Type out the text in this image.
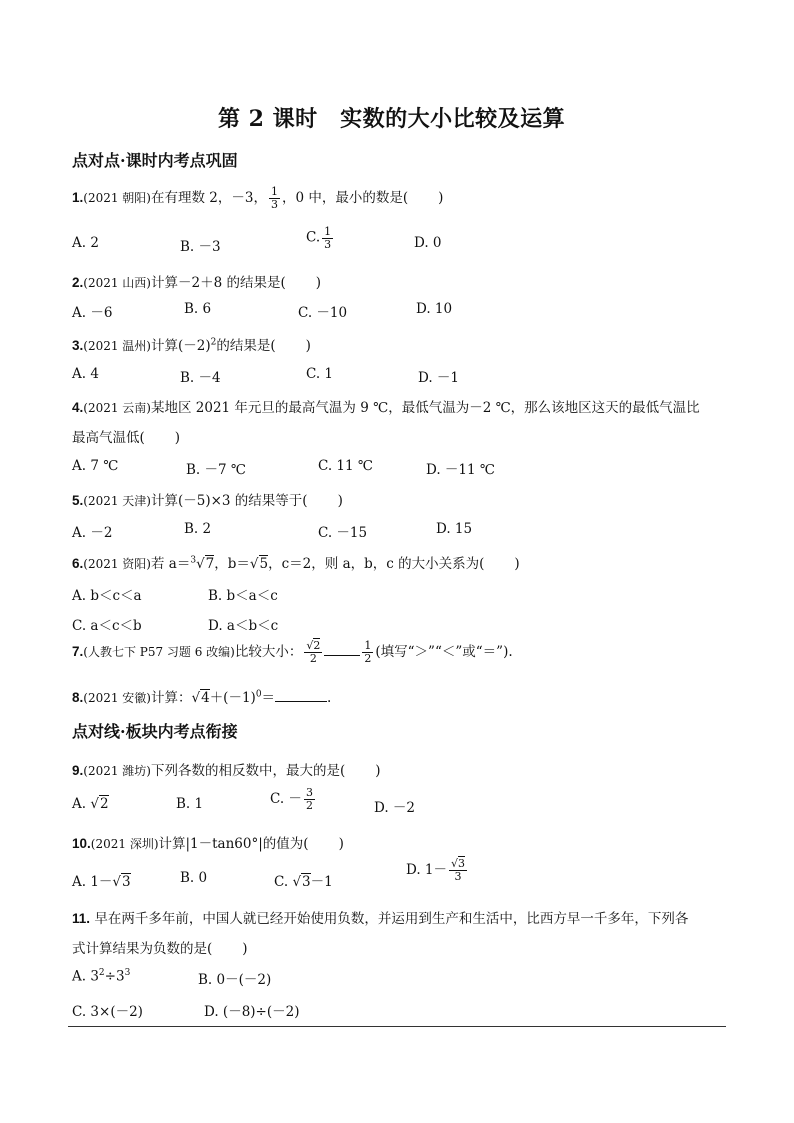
第 2 课时　实数的大小比较及运算
点对点·课时内考点巩固
1.(2021 朝阳)在有理数 2，－3， $\frac{1}{3}$ ，0 中，最小的数是( )
A. 2	B. －3
C. $\frac{1}{3}$	D. 0
2.(2021 山西)计算－2＋8 的结果是( )
A. －6	B. 6	C. －10	D. 10
3.(2021 温州)计算$(-2)^2$的结果是( )
A. 4	B. －4	C. 1	D. －1
4.(2021 云南)某地区 2021 年元旦的最高气温为 9 ℃，最低气温为－2 ℃，那么该地区这天的最低气温比
最高气温低( )
A. 7 ℃	B. －7 ℃	C. 11 ℃	D. －11 ℃
5.(2021 天津)计算(－5)×3 的结果等于( )
A. －2	B. 2	C. －15	D. 15
6.(2021 资阳)若 a＝$^3$√7，b＝√5，c＝2，则 a，b，c 的大小关系为( )
A. b＜c＜a	B. b＜a＜c
C. a＜c＜b	D. a＜b＜c
7.(人教七下 P57 习题 6 改编)比较大小： $\frac{√2}{2}$	$\frac{1}{2}$ (填写“＞”“＜”或“＝”).
8.(2021 安徽)计算：$√4+(-1)^0=$	.
点对线·板块内考点衔接
9.(2021 潍坊)下列各数的相反数中，最大的是( )
A. √2	B. 1	C. － $\frac{3}{2}$	D. －2
10.(2021 深圳)计算|1－tan60°|的值为( )
A. 1－√3	B. 0	C. √3－1
D. $1- \frac{√3}{3}$
11. 早在两千多年前，中国人就已经开始使用负数，并运用到生产和生活中，比西方早一千多年，下列各
式计算结果为负数的是( )
A. $3^2\div 3^3$	B. 0－(－2)
C. 3×(－2)	D. (－8)÷(－2)
